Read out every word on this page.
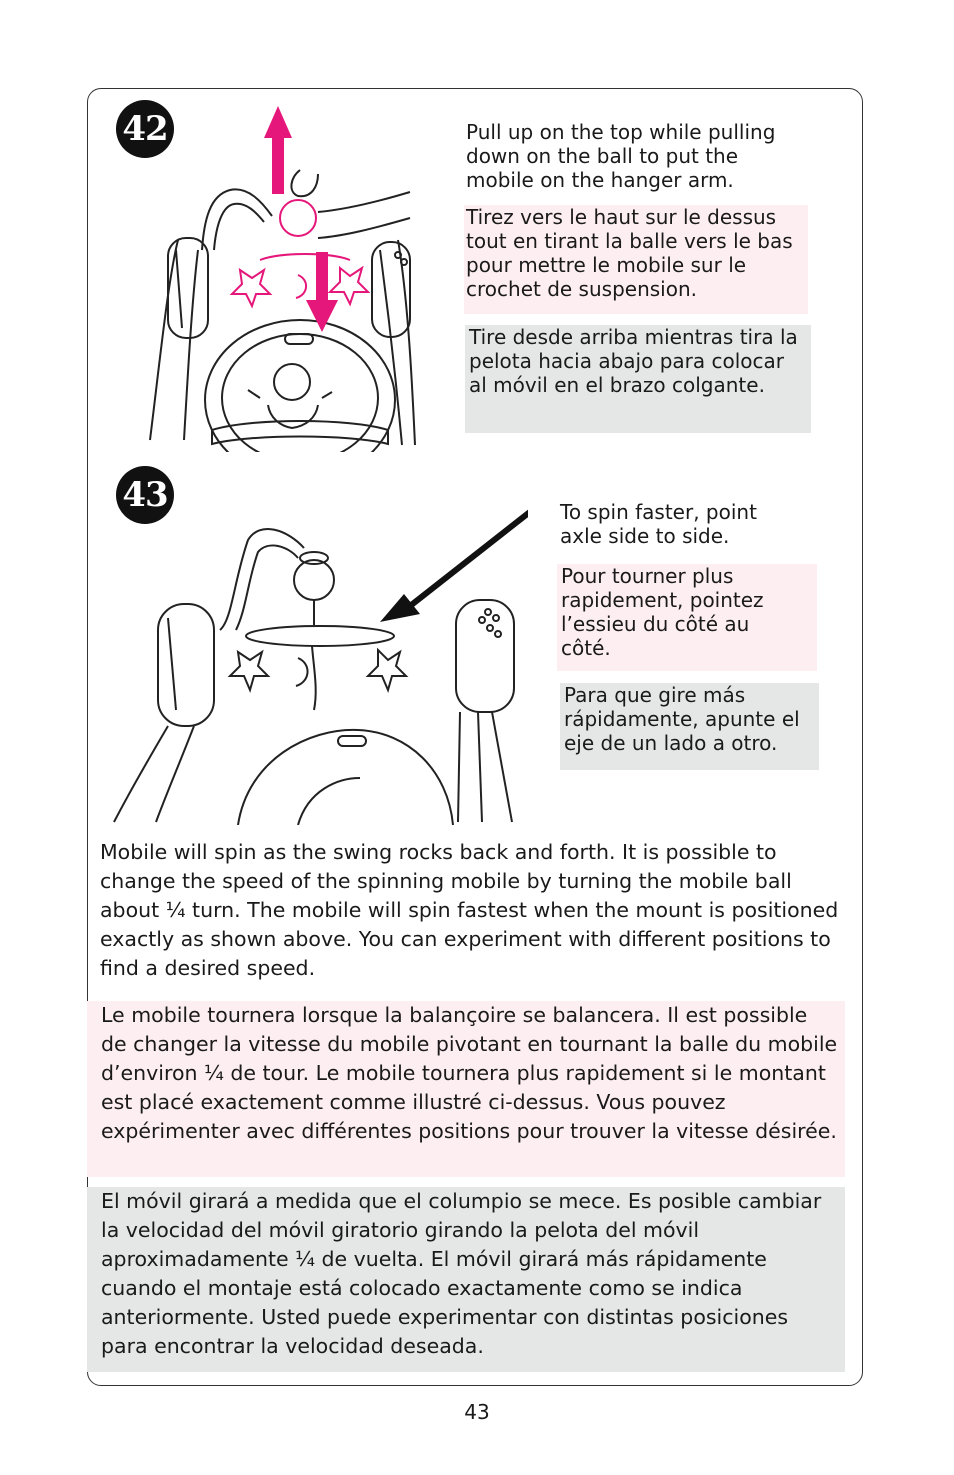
42	Pull up on the top while pulling down on the ball to put the mobile on the hanger arm.
Tirez vers le haut sur le dessus tout en tirant la balle vers le bas pour mettre le mobile sur le crochet de suspension.
Tire desde arriba mientras tira la pelota hacia abajo para colocar al móvil en el brazo colgante.
43	To spin faster, point axle side to side.
Pour tourner plus rapidement, pointez l’essieu du côté au côté.
Para que gire más rápidamente, apunte el eje de un lado a otro.
Mobile will spin as the swing rocks back and forth. It is possible to change the speed of the spinning mobile by turning the mobile ball about ¼ turn. The mobile will spin fastest when the mount is positioned exactly as shown above. You can experiment with different positions to find a desired speed.
Le mobile tournera lorsque la balançoire se balancera. Il est possible de changer la vitesse du mobile pivotant en tournant la balle du mobile d’environ ¼ de tour. Le mobile tournera plus rapidement si le montant est placé exactement comme illustré ci-dessus. Vous pouvez expérimenter avec différentes positions pour trouver la vitesse désirée.
El móvil girará a medida que el columpio se mece. Es posible cambiar la velocidad del móvil giratorio girando la pelota del móvil aproximadamente ¼ de vuelta. El móvil girará más rápidamente cuando el montaje está colocado exactamente como se indica anteriormente. Usted puede experimentar con distintas posiciones para encontrar la velocidad deseada.
43
